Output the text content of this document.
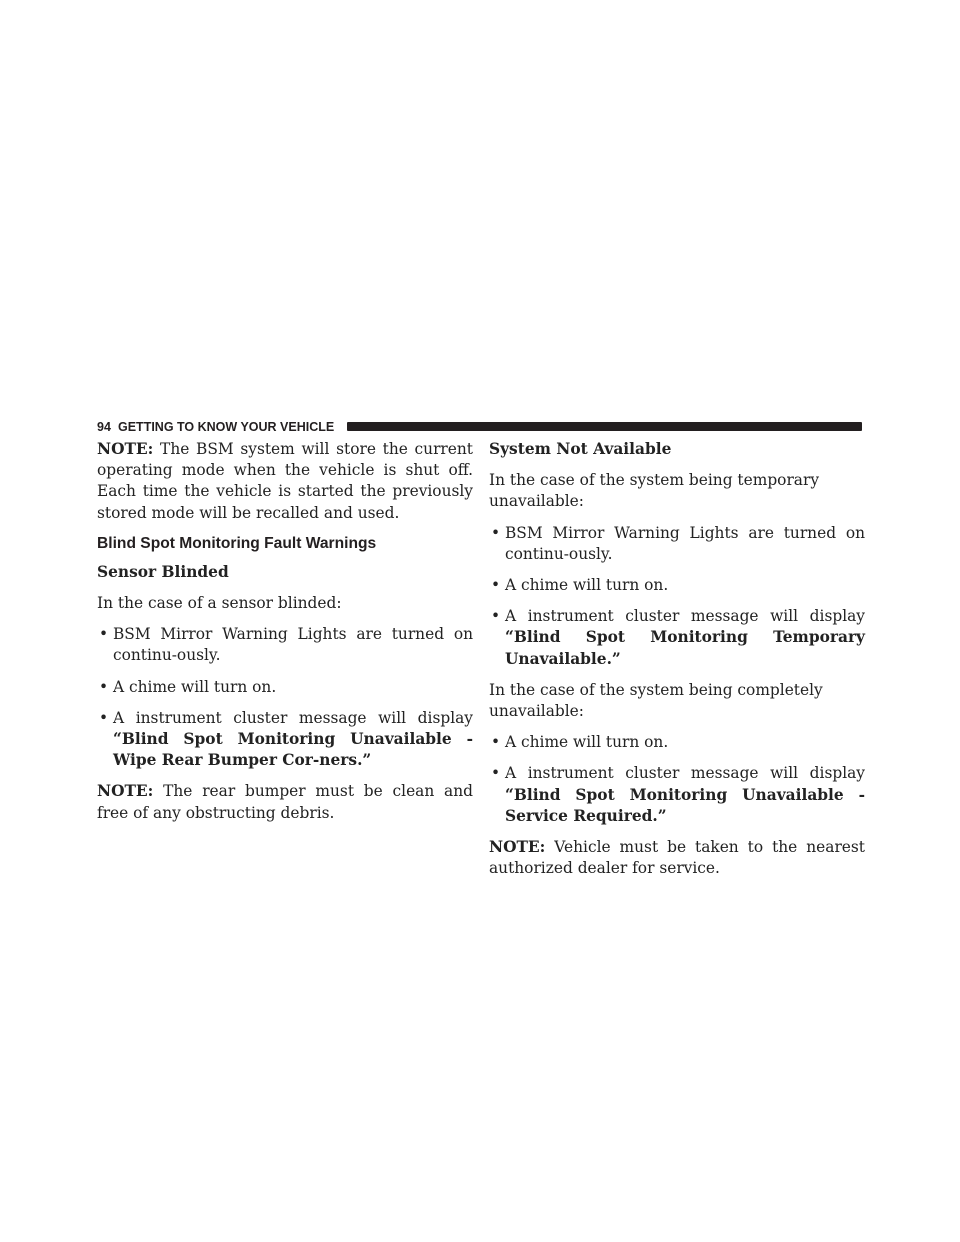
94 GETTING TO KNOW YOUR VEHICLE

NOTE: The BSM system will store the current operating mode when the vehicle is shut off. Each time the vehicle is started the previously stored mode will be recalled and used.

Blind Spot Monitoring Fault Warnings

Sensor Blinded

In the case of a sensor blinded:

• BSM Mirror Warning Lights are turned on continu-ously.
• A chime will turn on.
• A instrument cluster message will display “Blind Spot Monitoring Unavailable - Wipe Rear Bumper Cor-ners.”

NOTE: The rear bumper must be clean and free of any obstructing debris.

System Not Available

In the case of the system being temporary unavailable:

• BSM Mirror Warning Lights are turned on continu-ously.
• A chime will turn on.
• A instrument cluster message will display “Blind Spot Monitoring Temporary Unavailable.”

In the case of the system being completely unavailable:

• A chime will turn on.
• A instrument cluster message will display “Blind Spot Monitoring Unavailable - Service Required.”

NOTE: Vehicle must be taken to the nearest authorized dealer for service.
